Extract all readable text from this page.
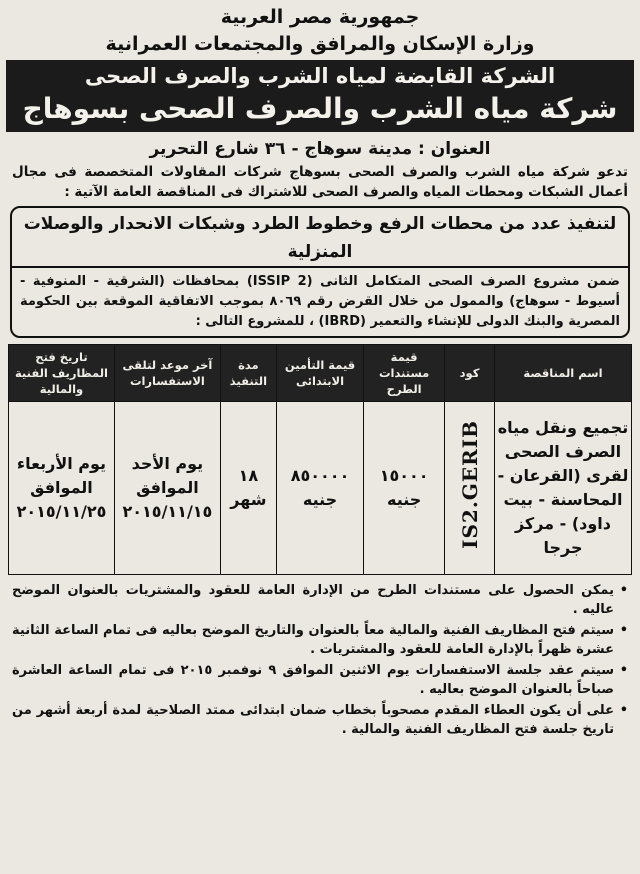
جمهورية مصر العربية
وزارة الإسكان والمرافق والمجتمعات العمرانية
الشركة القابضة لمياه الشرب والصرف الصحى
شركة مياه الشرب والصرف الصحى بسوهاج
العنوان : مدينة سوهاج - ٣٦ شارع التحرير
تدعو شركة مياه الشرب والصرف الصحى بسوهاج شركات المقاولات المتخصصة فى مجال أعمال الشبكات ومحطات المياه والصرف الصحى للاشتراك فى المناقصة العامة الآتية :
لتنفيذ عدد من محطات الرفع وخطوط الطرد وشبكات الانحدار والوصلات المنزلية
ضمن مشروع الصرف الصحى المتكامل الثانى (ISSIP 2) بمحافظات (الشرقية - المنوفية - أسيوط - سوهاج) والممول من خلال القرض رقم ٨٠٦٩ بموجب الاتفاقية الموقعة بين الحكومة المصرية والبنك الدولى للإنشاء والتعمير (IBRD) ، للمشروع التالى :
اسم المناقصة	كود	قيمة مستندات الطرح	قيمة التأمين الابتدائى	مدة التنفيذ	آخر موعد لتلقى الاستفسارات	تاريخ فتح المظاريف الفنية والمالية
تجميع ونقل مياه الصرف الصحى لقرى (القرعان - المحاسنة - بيت داود) - مركز جرجا	IS2.GERIB	١٥٠٠٠ جنيه	٨٥٠٠٠٠ جنيه	١٨ شهر	يوم الأحد الموافق ٢٠١٥/١١/١٥	يوم الأربعاء الموافق ٢٠١٥/١١/٢٥
•
يمكن الحصول على مستندات الطرح من الإدارة العامة للعقود والمشتريات بالعنوان الموضح عاليه .
•
سيتم فتح المظاريف الفنية والمالية معاً بالعنوان والتاريخ الموضح بعاليه فى تمام الساعة الثانية عشرة ظهراً بالإدارة العامة للعقود والمشتريات .
•
سيتم عقد جلسة الاستفسارات يوم الاثنين الموافق ٩ نوفمبر ٢٠١٥ فى تمام الساعة العاشرة صباحاً بالعنوان الموضح بعاليه .
•
على أن يكون العطاء المقدم مصحوباً بخطاب ضمان ابتدائى ممتد الصلاحية لمدة أربعة أشهر من تاريخ جلسة فتح المظاريف الفنية والمالية .
